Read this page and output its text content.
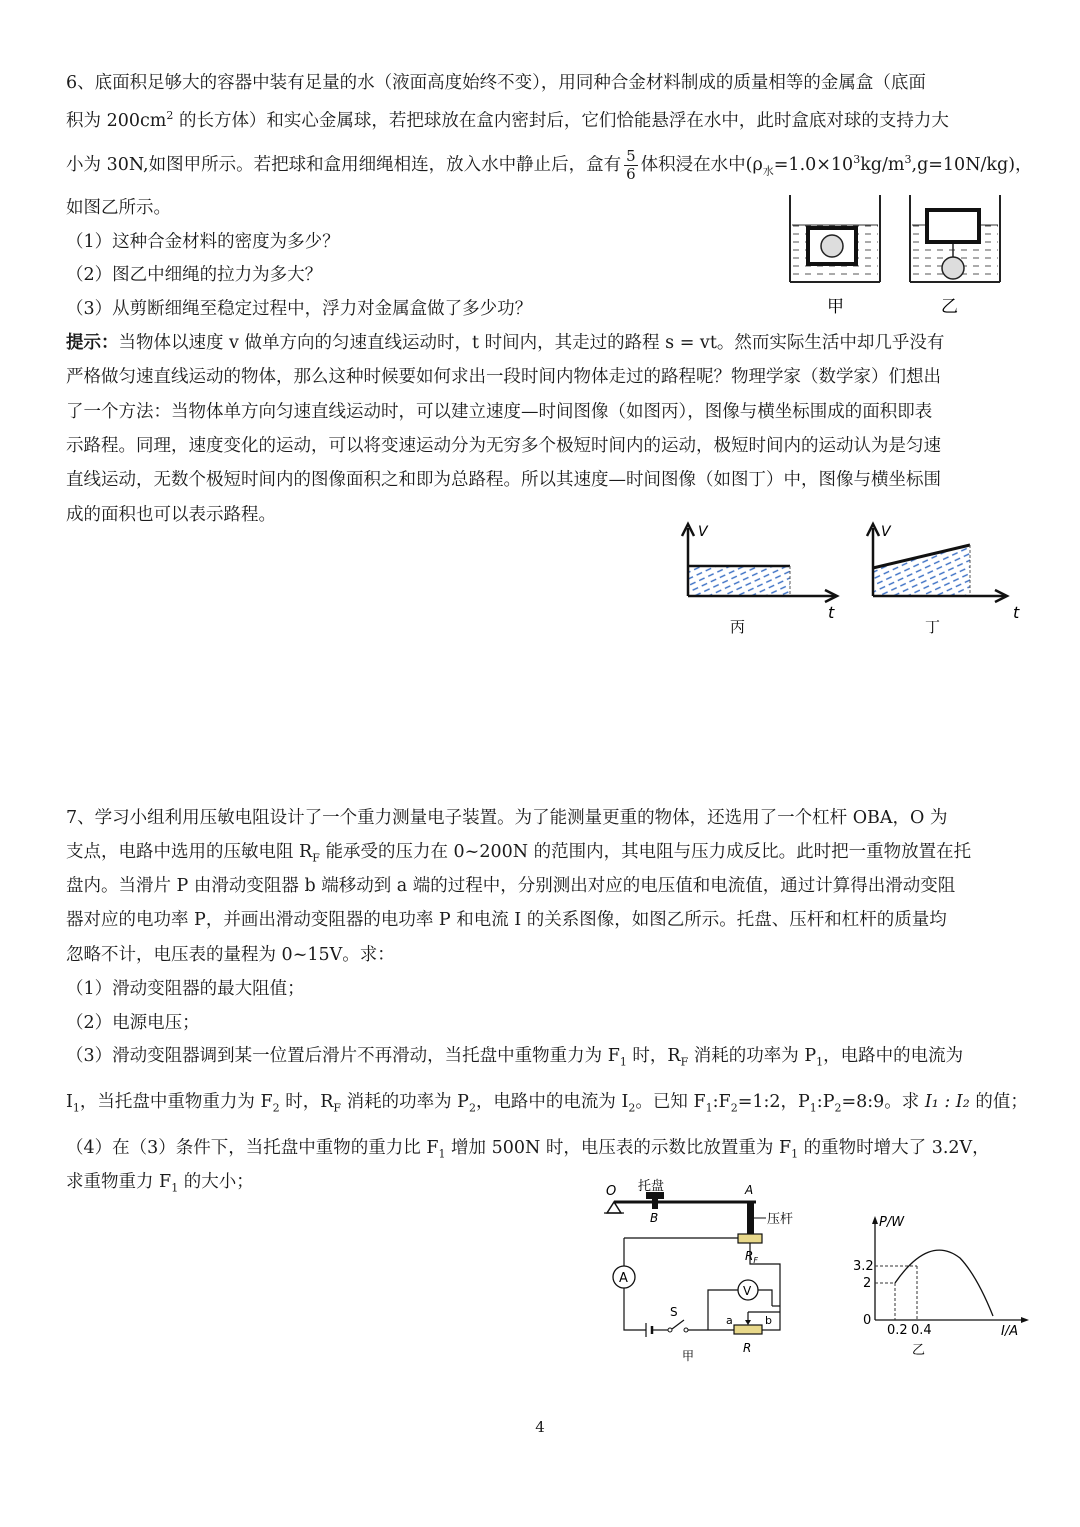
6、底面积足够大的容器中装有足量的水（液面高度始终不变），用同种合金材料制成的质量相等的金属盒（底面
积为 $200cm^2$ 的长方体）和实心金属球，若把球放在盒内密封后，它们恰能悬浮在水中，此时盒底对球的支持力大
小为 30N,如图甲所示。若把球和盒用细绳相连，放入水中静止后，盒有 $\frac{5}{6}$ 体积浸在水中$(\rho_水=1.0\times 10^3kg/m^3,g=10N/kg)$，
如图乙所示。
（1）这种合金材料的密度为多少？
（2）图乙中细绳的拉力为多大？
（3）从剪断细绳至稳定过程中，浮力对金属盒做了多少功？	甲	乙
提示：当物体以速度 v 做单方向的匀速直线运动时，t 时间内，其走过的路程 s = vt。然而实际生活中却几乎没有
严格做匀速直线运动的物体，那么这种时候要如何求出一段时间内物体走过的路程呢？物理学家（数学家）们想出
了一个方法：当物体单方向匀速直线运动时，可以建立速度—时间图像（如图丙），图像与横坐标围成的面积即表
示路程。同理，速度变化的运动，可以将变速运动分为无穷多个极短时间内的运动，极短时间内的运动认为是匀速
直线运动，无数个极短时间内的图像面积之和即为总路程。所以其速度—时间图像（如图丁）中，图像与横坐标围
成的面积也可以表示路程。
V
t
丙
V
t
丁
7、学习小组利用压敏电阻设计了一个重力测量电子装置。为了能测量更重的物体，还选用了一个杠杆 OBA，O 为
支点，电路中选用的压敏电阻 $R_F$ 能承受的压力在 0~200N 的范围内，其电阻与压力成反比。此时把一重物放置在托
盘内。当滑片 P 由滑动变阻器 b 端移动到 a 端的过程中，分别测出对应的电压值和电流值，通过计算得出滑动变阻
器对应的电功率 P，并画出滑动变阻器的电功率 P 和电流 I 的关系图像，如图乙所示。托盘、压杆和杠杆的质量均
忽略不计，电压表的量程为 0~15V。求：
（1）滑动变阻器的最大阻值；
（2）电源电压；
（3）滑动变阻器调到某一位置后滑片不再滑动，当托盘中重物重力为 $F_1$ 时，$R_F$ 消耗的功率为 $P_1$，电路中的电流为
$I_1$，当托盘中重物重力为 $F_2$ 时，$R_F$ 消耗的功率为 $P_2$，电路中的电流为 $I_2$。已知 $F_1:F_2=1:2$，$P_1:P_2=8:9$。求 I₁ : I₂ 的值；
（4）在（3）条件下，当托盘中重物的重力比 $F_1$ 增加 500N 时，电压表的示数比放置重为 $F_1$ 的重物时增大了 3.2V，
求重物重力 $F_1$ 的大小；	O 托盘
B
A
压杆
$R_F$
A
S
a	b
R
V
甲
P/W
I/A
3.2
2
0
0.2 0.4
乙
4
